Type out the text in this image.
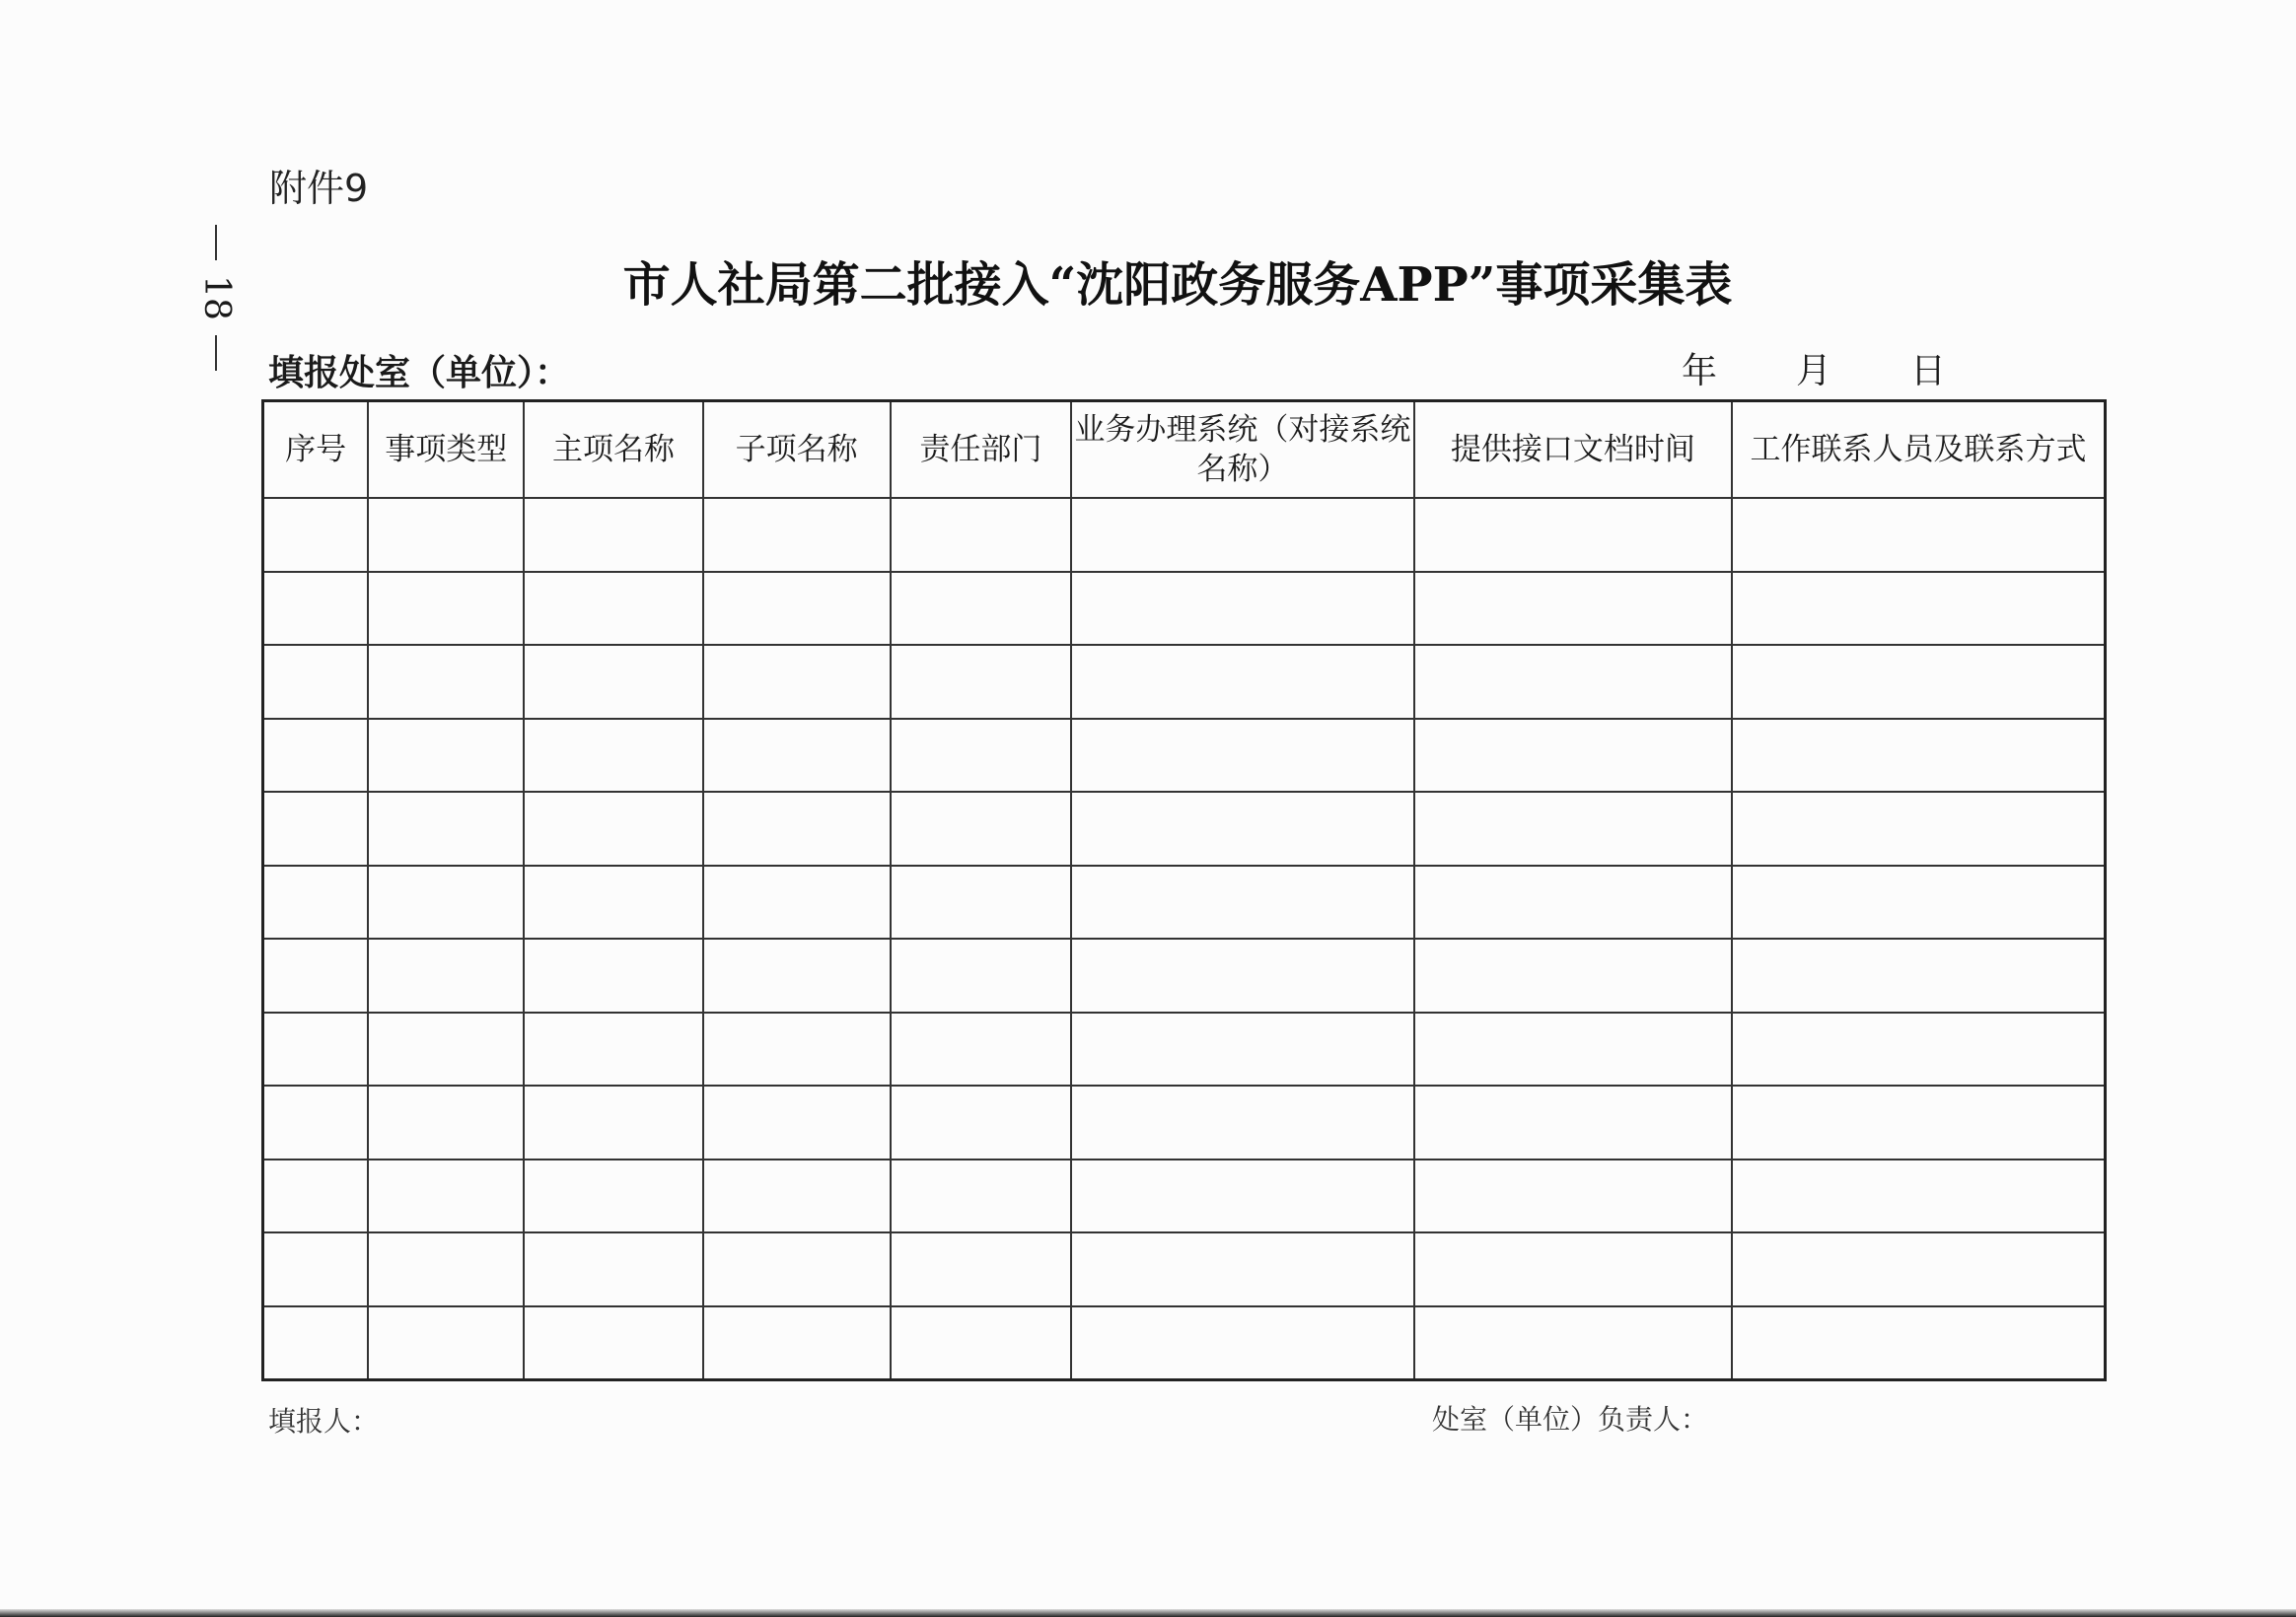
附件9
18	市人社局第二批接入“沈阳政务服务APP”事项采集表
填报处室（单位）：	年 月 日
序号	事项类型	主项名称	子项名称	责任部门	业务办理系统（对接系统名称）	提供接口文档时间	工作联系人员及联系方式

填报人：	处室（单位）负责人：
